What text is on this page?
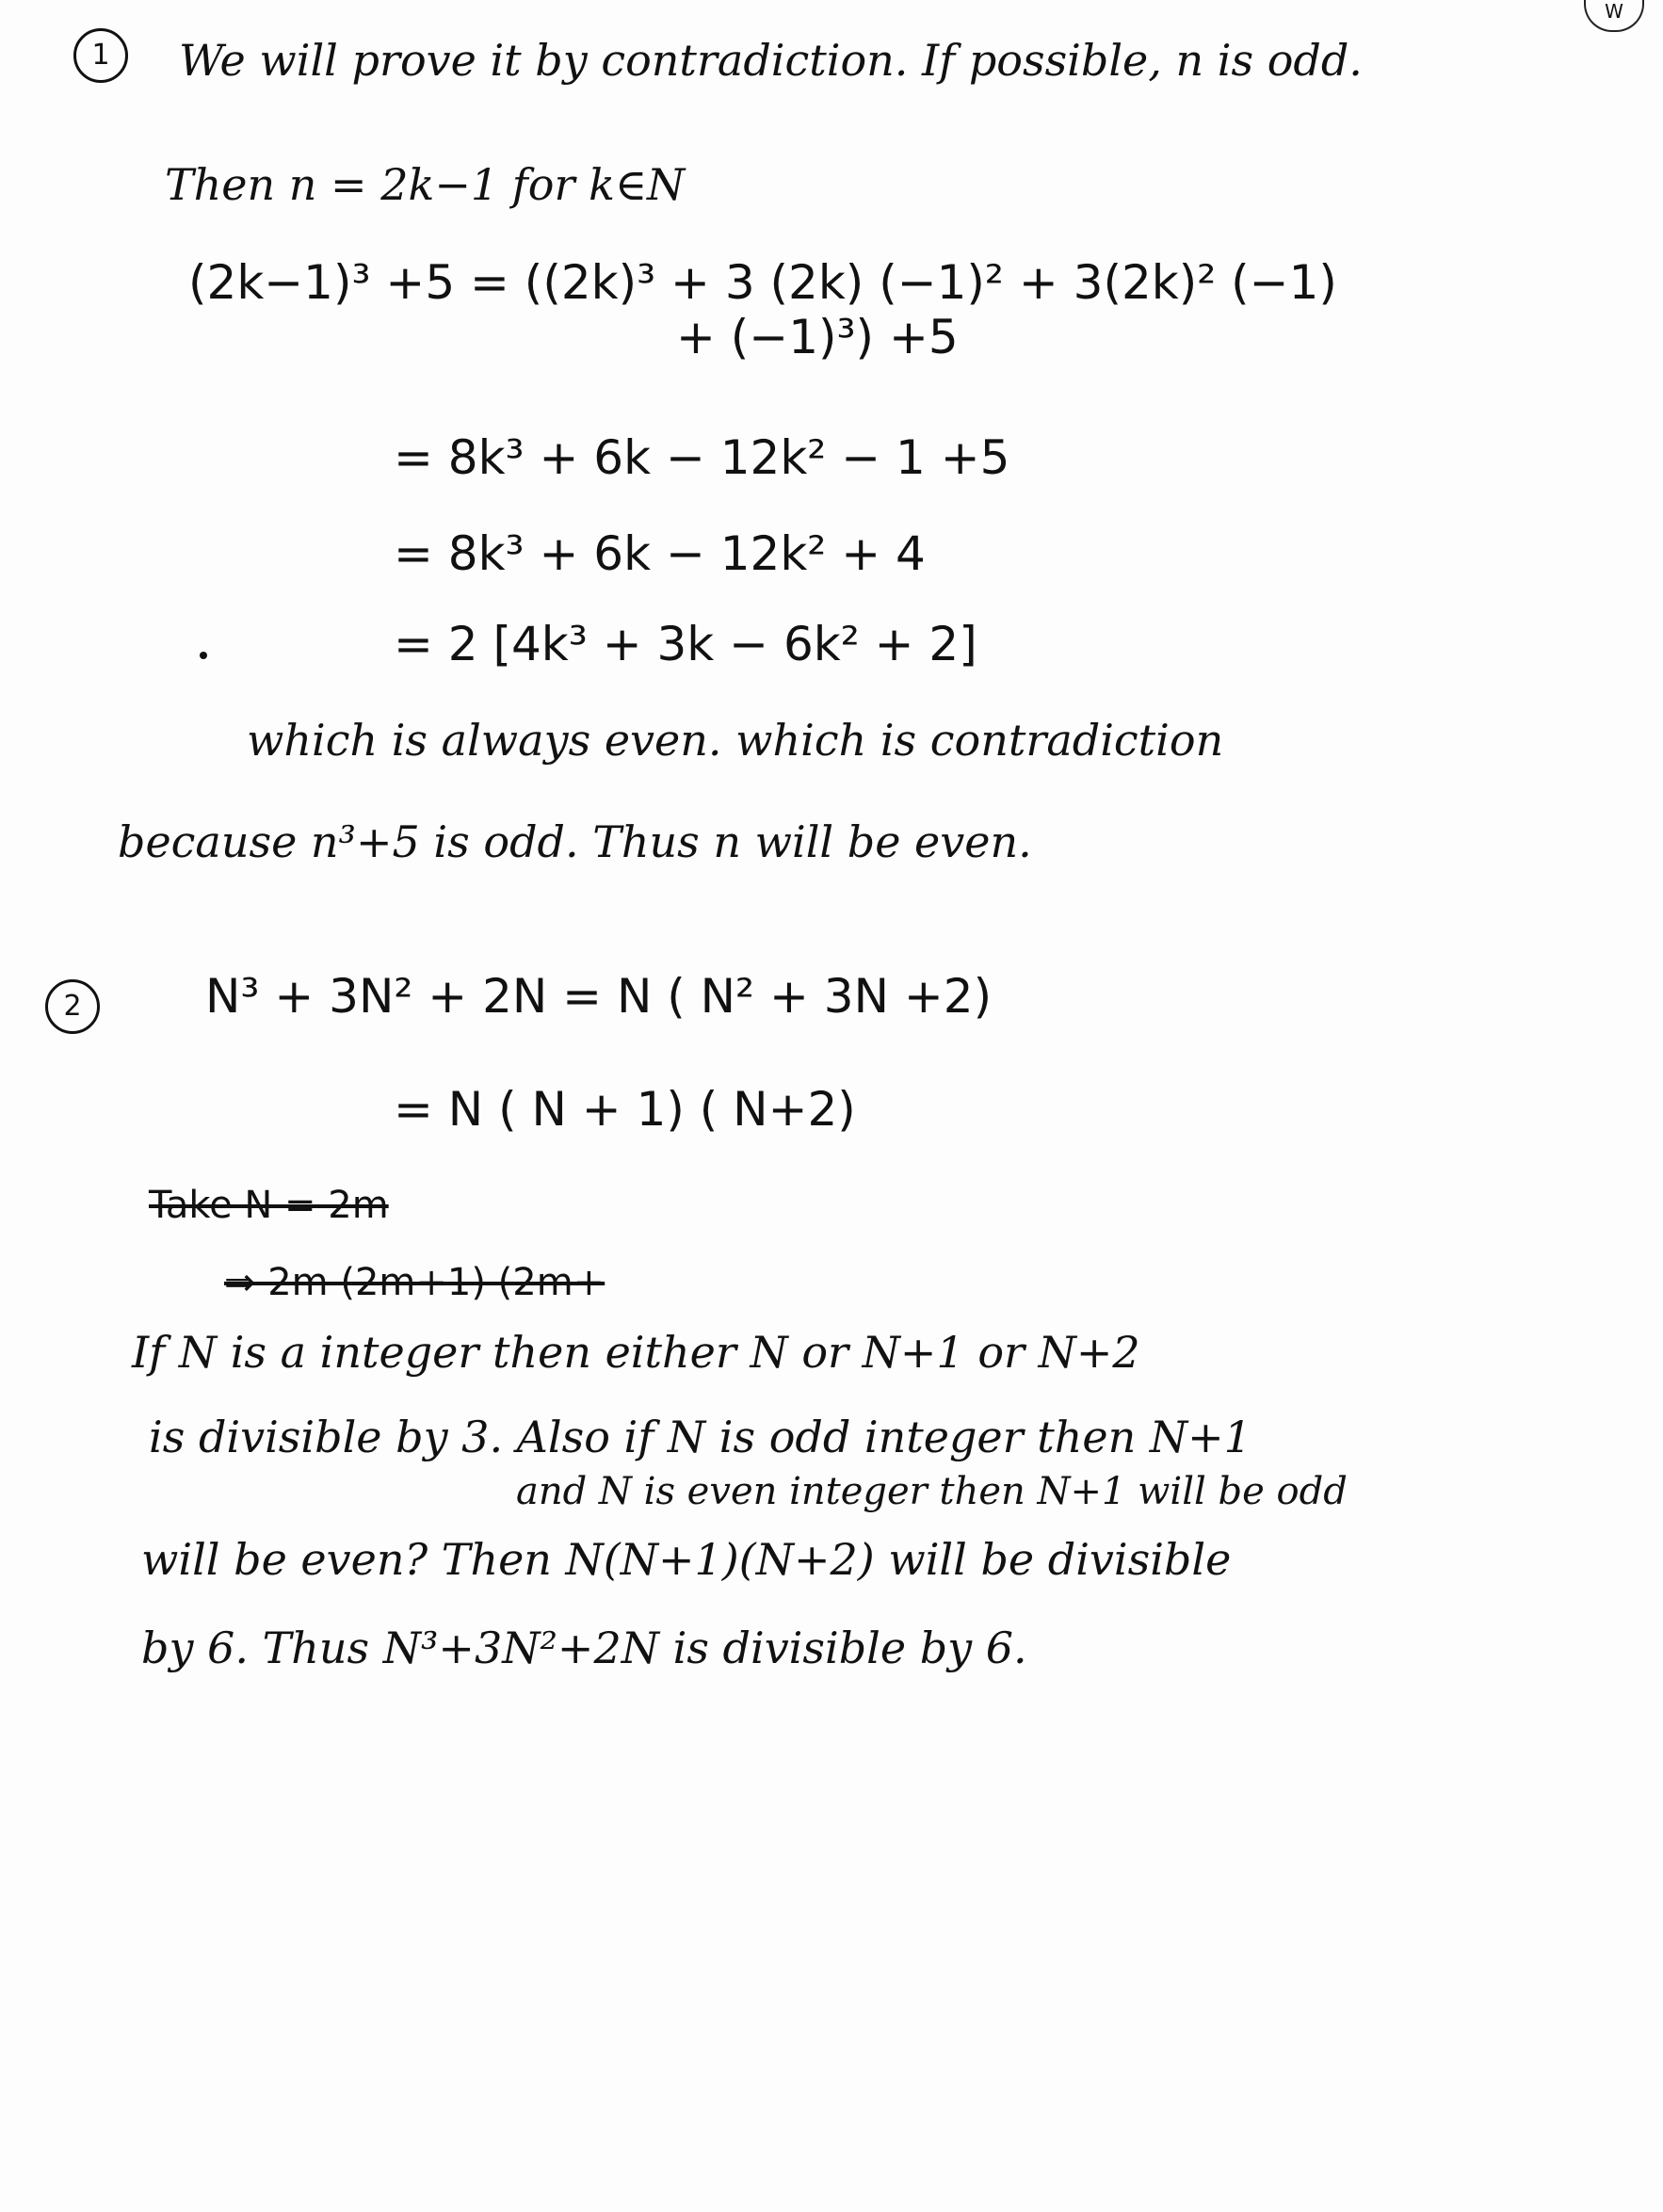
W
1	We will prove it by contradiction. If possible, n is odd.
Then n = 2k−1 for k∈N
(2k−1)³ +5 = ((2k)³ + 3 (2k) (−1)² + 3(2k)² (−1)
+ (−1)³) +5
= 8k³ + 6k − 12k² − 1 +5
= 8k³ + 6k − 12k² + 4
= 2 [4k³ + 3k − 6k² + 2]
which is always even. which is contradiction
because n³+5 is odd. Thus n will be even.
2	N³ + 3N² + 2N = N ( N² + 3N +2)
= N ( N + 1) ( N+2)
Take N = 2m
⇒ 2m (2m+1) (2m+
If N is a integer then either N or N+1 or N+2
is divisible by 3. Also if N is odd integer then N+1
and N is even integer then N+1 will be odd
will be even? Then N(N+1)(N+2) will be divisible
by 6. Thus N³+3N²+2N is divisible by 6.
